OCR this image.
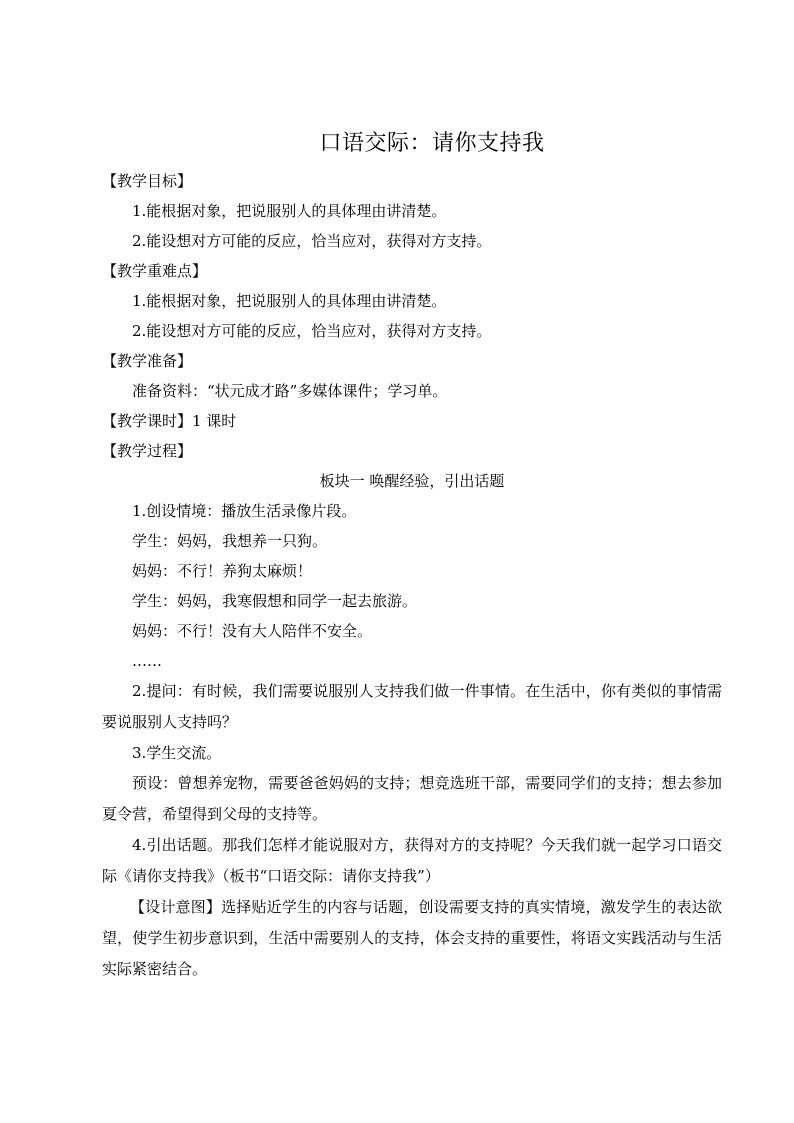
口语交际：请你支持我
【教学目标】
1.能根据对象，把说服别人的具体理由讲清楚。
2.能设想对方可能的反应，恰当应对，获得对方支持。
【教学重难点】
1.能根据对象，把说服别人的具体理由讲清楚。
2.能设想对方可能的反应，恰当应对，获得对方支持。
【教学准备】
准备资料：“状元成才路”多媒体课件；学习单。
【教学课时】1 课时
【教学过程】
板块一 唤醒经验，引出话题
1.创设情境：播放生活录像片段。
学生：妈妈，我想养一只狗。
妈妈：不行！养狗太麻烦！
学生：妈妈，我寒假想和同学一起去旅游。
妈妈：不行！没有大人陪伴不安全。
……
2.提问：有时候，我们需要说服别人支持我们做一件事情。在生活中，你有类似的事情需要说服别人支持吗？
3.学生交流。
预设：曾想养宠物，需要爸爸妈妈的支持；想竞选班干部，需要同学们的支持；想去参加夏令营，希望得到父母的支持等。
4.引出话题。那我们怎样才能说服对方，获得对方的支持呢？今天我们就一起学习口语交际《请你支持我》（板书“口语交际：请你支持我”）
【设计意图】选择贴近学生的内容与话题，创设需要支持的真实情境，激发学生的表达欲望，使学生初步意识到，生活中需要别人的支持，体会支持的重要性，将语文实践活动与生活实际紧密结合。
